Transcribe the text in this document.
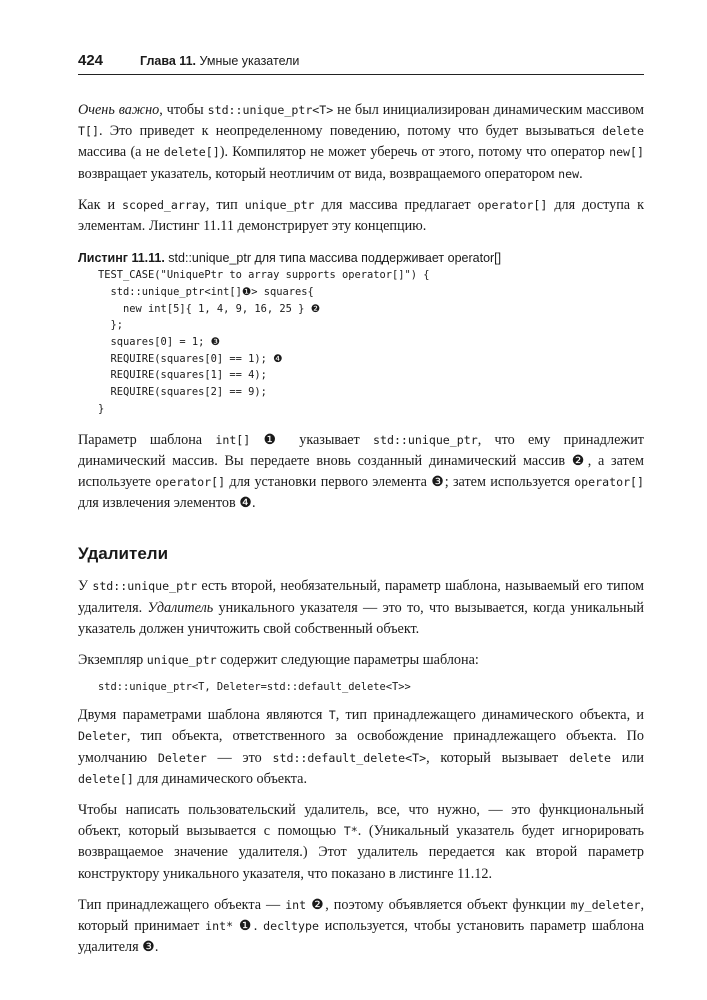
424	Глава 11. Умные указатели

Очень важно, чтобы std::unique_ptr<T> не был инициализирован динамическим массивом T[]. Это приведет к неопределенному поведению, потому что будет вызываться delete массива (а не delete[]). Компилятор не может уберечь от этого, потому что оператор new[] возвращает указатель, который неотличим от вида, возвращаемого оператором new.

Как и scoped_array, тип unique_ptr для массива предлагает operator[] для доступа к элементам. Листинг 11.11 демонстрирует эту концепцию.

Листинг 11.11. std::unique_ptr для типа массива поддерживает operator[]
TEST_CASE("UniquePtr to array supports operator[]") {
std::unique_ptr<int[]❶> squares{
new int[5]{ 1, 4, 9, 16, 25 } ❷
};
squares[0] = 1; ❸
REQUIRE(squares[0] == 1); ❹
REQUIRE(squares[1] == 4);
REQUIRE(squares[2] == 9);
}

Параметр шаблона int[] ❶ указывает std::unique_ptr, что ему принадлежит динамический массив. Вы передаете вновь созданный динамический массив ❷, а затем используете operator[] для установки первого элемента ❸; затем используется operator[] для извлечения элементов ❹.

Удалители

У std::unique_ptr есть второй, необязательный, параметр шаблона, называемый его типом удалителя. Удалитель уникального указателя — это то, что вызывается, когда уникальный указатель должен уничтожить свой собственный объект.

Экземпляр unique_ptr содержит следующие параметры шаблона:

std::unique_ptr<T, Deleter=std::default_delete<T>>

Двумя параметрами шаблона являются T, тип принадлежащего динамического объекта, и Deleter, тип объекта, ответственного за освобождение принадлежащего объекта. По умолчанию Deleter — это std::default_delete<T>, который вызывает delete или delete[] для динамического объекта.

Чтобы написать пользовательский удалитель, все, что нужно, — это функциональный объект, который вызывается с помощью T*. (Уникальный указатель будет игнорировать возвращаемое значение удалителя.) Этот удалитель передается как второй параметр конструктору уникального указателя, что показано в листинге 11.12.

Тип принадлежащего объекта — int ❷, поэтому объявляется объект функции my_deleter, который принимает int* ❶. decltype используется, чтобы установить параметр шаблона удалителя ❸.
